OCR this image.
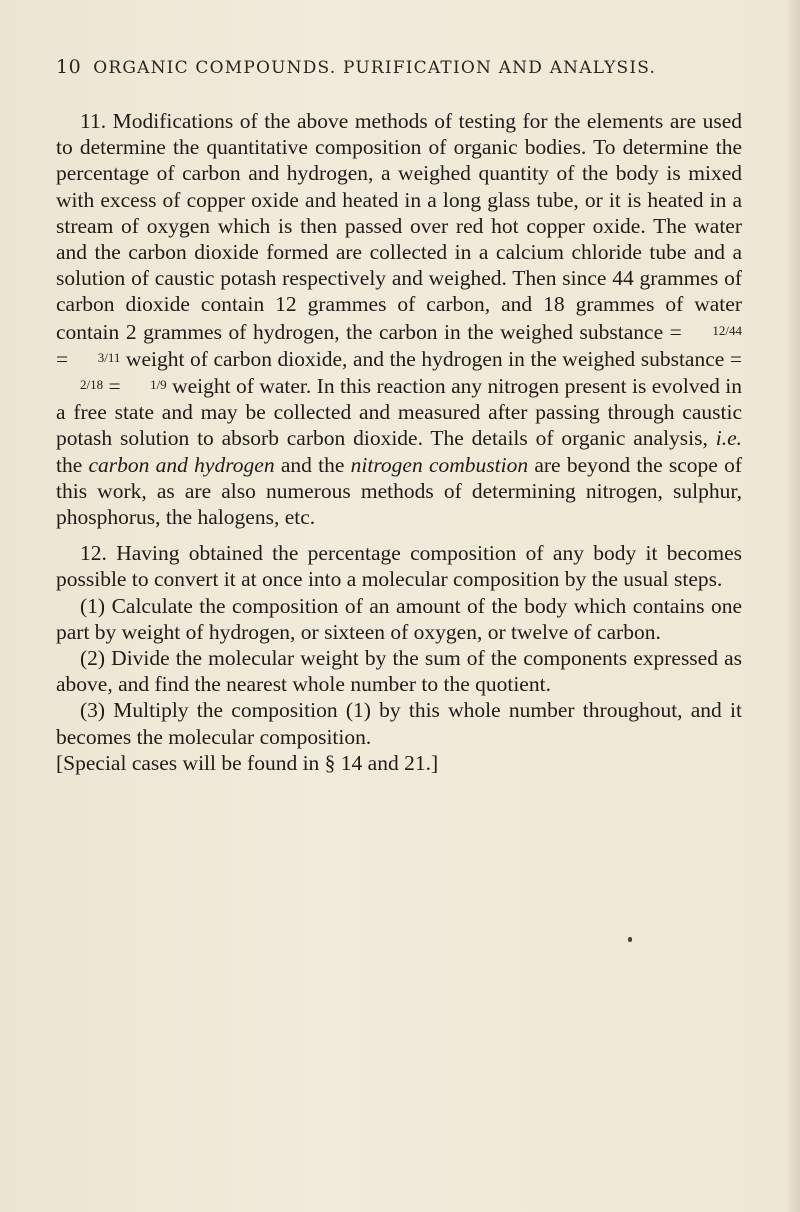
10 ORGANIC COMPOUNDS. PURIFICATION AND ANALYSIS.

11. Modifications of the above methods of testing for the elements are used to determine the quantitative composition of organic bodies. To determine the percentage of carbon and hydrogen, a weighed quantity of the body is mixed with excess of copper oxide and heated in a long glass tube, or it is heated in a stream of oxygen which is then passed over red hot copper oxide. The water and the carbon dioxide formed are collected in a calcium chloride tube and a solution of caustic potash respectively and weighed. Then since 44 grammes of carbon dioxide contain 12 grammes of carbon, and 18 grammes of water contain 2 grammes of hydrogen, the carbon in the weighed substance = 12/44 = 3/11 weight of carbon dioxide, and the hydrogen in the weighed substance = 2/18 = 1/9 weight of water. In this reaction any nitrogen present is evolved in a free state and may be collected and measured after passing through caustic potash solution to absorb carbon dioxide. The details of organic analysis, i.e. the carbon and hydrogen and the nitrogen combustion are beyond the scope of this work, as are also numerous methods of determining nitrogen, sulphur, phosphorus, the halogens, etc.

12. Having obtained the percentage composition of any body it becomes possible to convert it at once into a molecular composition by the usual steps.

(1) Calculate the composition of an amount of the body which contains one part by weight of hydrogen, or sixteen of oxygen, or twelve of carbon.

(2) Divide the molecular weight by the sum of the components expressed as above, and find the nearest whole number to the quotient.

(3) Multiply the composition (1) by this whole number throughout, and it becomes the molecular composition.

[Special cases will be found in § 14 and 21.]
